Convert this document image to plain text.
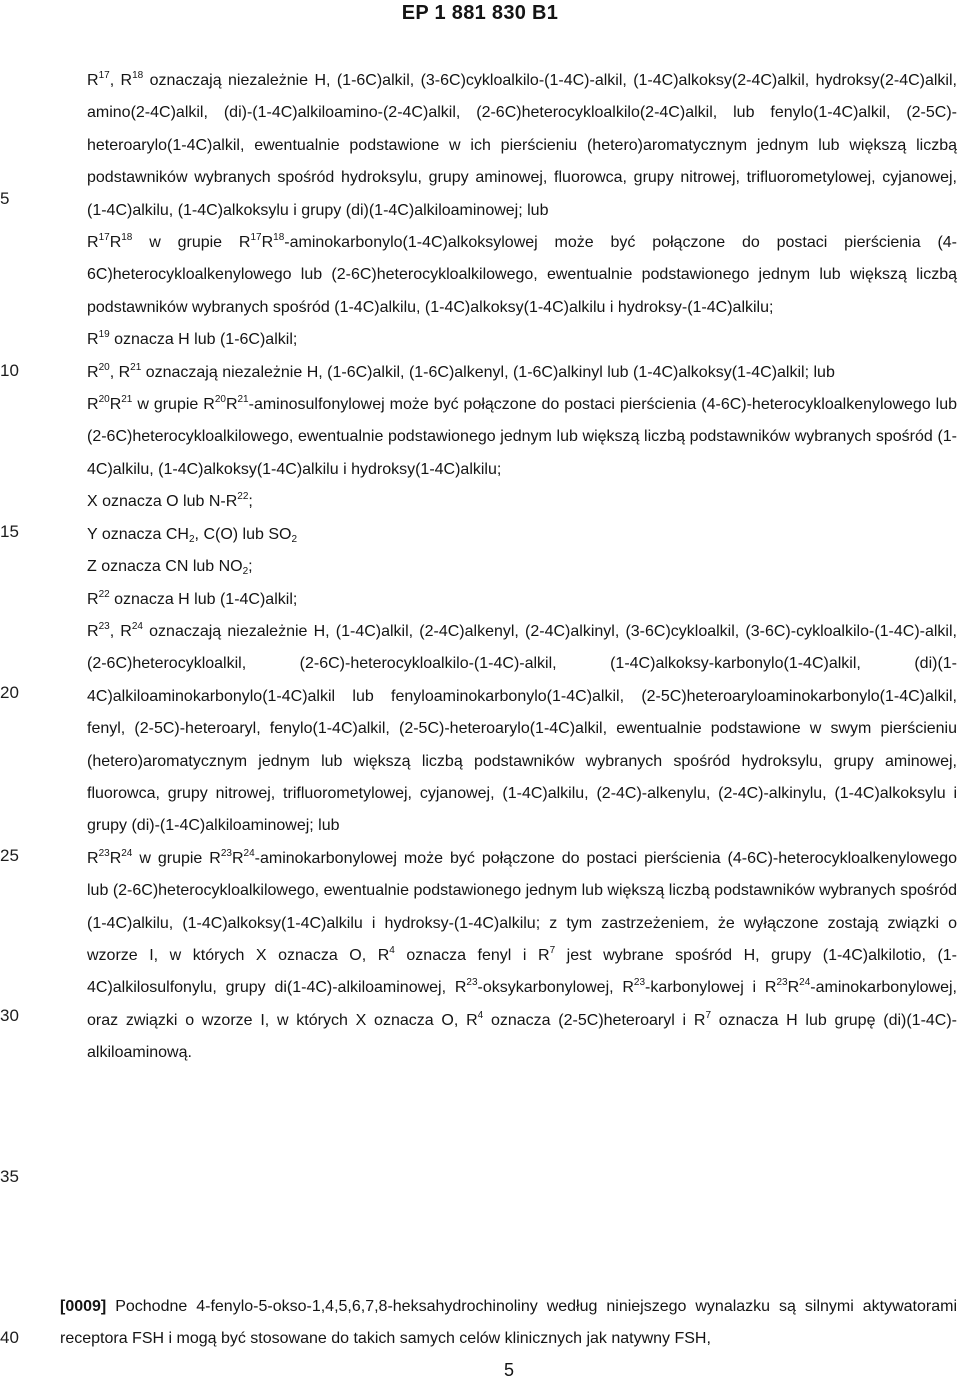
EP 1 881 830 B1
5
10
15
20
25
30
35
40

$R^{17}$, $R^{18}$ oznaczają niezależnie H, (1-6C)alkil, (3-6C)cykloalkilo-(1-4C)-alkil, (1-4C)alkoksy(2-4C)alkil, hydroksy(2-4C)alkil, amino(2-4C)alkil, (di)-(1-4C)alkiloamino-(2-4C)alkil, (2-6C)heterocykloalkilo(2-4C)alkil, lub fenylo(1-4C)alkil, (2-5C)-heteroarylo(1-4C)alkil, ewentualnie podstawione w ich pierścieniu (hetero)aromatycznym jednym lub większą liczbą podstawników wybranych spośród hydroksylu, grupy aminowej, fluorowca, grupy nitrowej, trifluorometylowej, cyjanowej, (1-4C)alkilu, (1-4C)alkoksylu i grupy (di)(1-4C)alkiloaminowej; lub

$R^{17}R^{18}$ w grupie $R^{17}R^{18}-aminokarbonylo(1-4C)alkoksylowej$ może być połączone do postaci pierścienia (4-6C)heterocykloalkenylowego lub (2-6C)heterocykloalkilowego, ewentualnie podstawionego jednym lub większą liczbą podstawników wybranych spośród (1-4C)alkilu, (1-4C)alkoksy(1-4C)alkilu i hydroksy-(1-4C)alkilu;

$R^{19}$ oznacza H lub (1-6C)alkil;

$R^{20}$, $R^{21}$ oznaczają niezależnie H, (1-6C)alkil, (1-6C)alkenyl, (1-6C)alkinyl lub (1-4C)alkoksy(1-4C)alkil; lub

$R^{20}R^{21}$ w grupie $R^{20}R^{21}$-aminosulfonylowej może być połączone do postaci pierścienia (4-6C)-heterocykloalkenylowego lub (2-6C)heterocykloalkilowego, ewentualnie podstawionego jednym lub większą liczbą podstawników wybranych spośród (1-4C)alkilu, (1-4C)alkoksy(1-4C)alkilu i hydroksy(1-4C)alkilu;

X oznacza O lub $N-R^{22}$;

Y oznacza $CH_2$, C(O) lub $SO_2$

Z oznacza CN lub $NO_2$;

$R^{22}$ oznacza H lub (1-4C)alkil;

$R^{23}$, $R^{24}$ oznaczają niezależnie H, (1-4C)alkil, (2-4C)alkenyl, (2-4C)alkinyl, (3-6C)cykloalkil, (3-6C)-cykloalkilo-(1-4C)-alkil, (2-6C)heterocykloalkil, (2-6C)-heterocykloalkilo-(1-4C)-alkil, (1-4C)alkoksy-karbonylo(1-4C)alkil, (di)(1-4C)alkiloaminokarbonylo(1-4C)alkil lub fenyloaminokarbonylo(1-4C)alkil, (2-5C)heteroaryloaminokarbonylo(1-4C)alkil, fenyl, (2-5C)-heteroaryl, fenylo(1-4C)alkil, (2-5C)-heteroarylo(1-4C)alkil, ewentualnie podstawione w swym pierścieniu (hetero)aromatycznym jednym lub większą liczbą podstawników wybranych spośród hydroksylu, grupy aminowej, fluorowca, grupy nitrowej, trifluorometylowej, cyjanowej, (1-4C)alkilu, (2-4C)-alkenylu, (2-4C)-alkinylu, (1-4C)alkoksylu i grupy (di)-(1-4C)alkiloaminowej; lub

$R^{23}R^{24}$ w grupie $R^{23}R^{24}$-aminokarbonylowej może być połączone do postaci pierścienia (4-6C)-heterocykloalkenylowego lub (2-6C)heterocykloalkilowego, ewentualnie podstawionego jednym lub większą liczbą podstawników wybranych spośród (1-4C)alkilu, (1-4C)alkoksy(1-4C)alkilu i hydroksy-(1-4C)alkilu; z tym zastrzeżeniem, że wyłączone zostają związki o wzorze I, w których X oznacza O, $R^4$ oznacza fenyl i $R^7$ jest wybrane spośród H, grupy (1-4C)alkilotio, (1-4C)alkilosulfonylu, grupy di(1-4C)-alkiloaminowej, $R^{23}$-oksykarbonylowej, $R^{23}$-karbonylowej i $R^{23}R^{24}$-aminokarbonylowej, oraz związki o wzorze I, w których X oznacza O, $R^4$ oznacza (2-5C)heteroaryl i $R^7$ oznacza H lub grupę (di)(1-4C)-alkiloaminową.

[0009] Pochodne 4-fenylo-5-okso-1,4,5,6,7,8-heksahydrochinoliny według niniejszego wynalazku są silnymi aktywatorami receptora FSH i mogą być stosowane do takich samych celów klinicznych jak natywny FSH,

5
